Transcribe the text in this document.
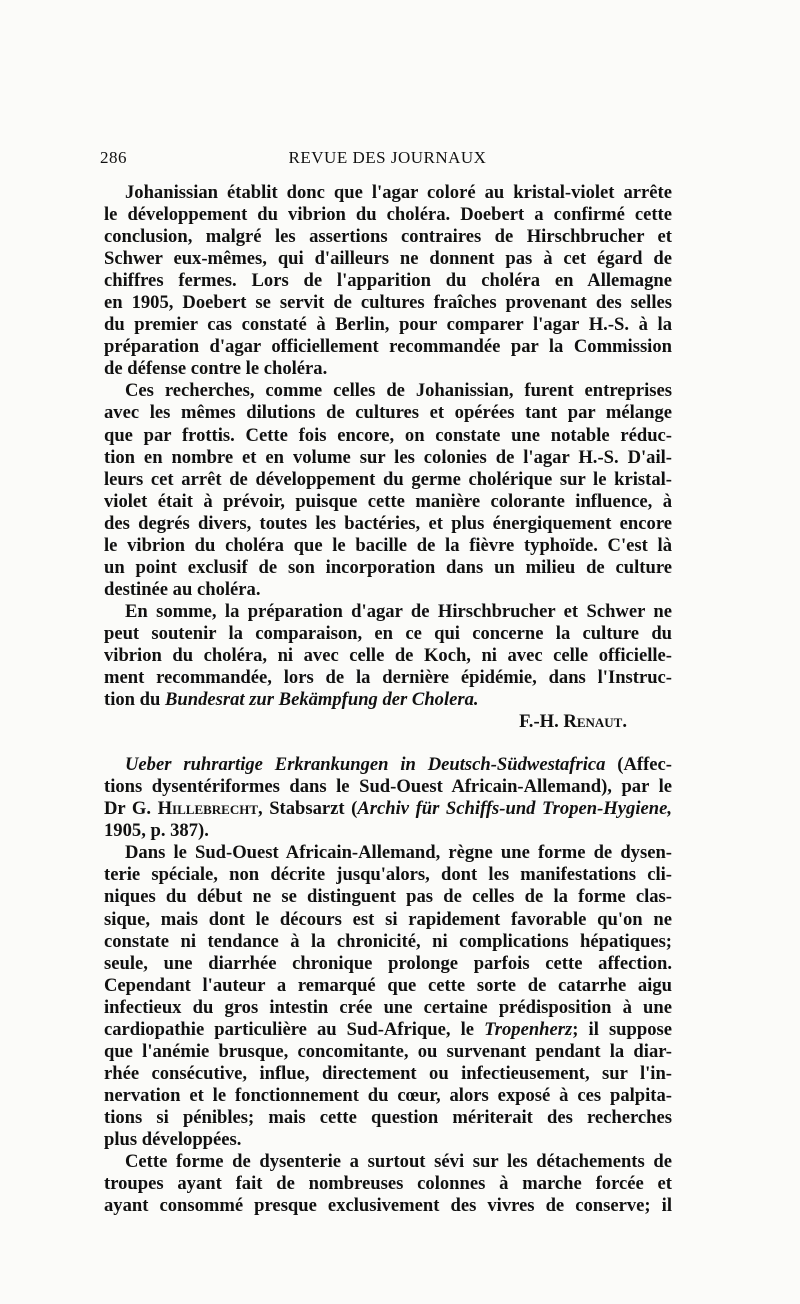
286	REVUE DES JOURNAUX
Johanissian établit donc que l'agar coloré au kristal-violet arrête
le développement du vibrion du choléra. Doebert a confirmé cette
conclusion, malgré les assertions contraires de Hirschbrucher et
Schwer eux-mêmes, qui d'ailleurs ne donnent pas à cet égard de
chiffres fermes. Lors de l'apparition du choléra en Allemagne
en 1905, Doebert se servit de cultures fraîches provenant des selles
du premier cas constaté à Berlin, pour comparer l'agar H.-S. à la
préparation d'agar officiellement recommandée par la Commission
de défense contre le choléra.
Ces recherches, comme celles de Johanissian, furent entreprises
avec les mêmes dilutions de cultures et opérées tant par mélange
que par frottis. Cette fois encore, on constate une notable réduc-
tion en nombre et en volume sur les colonies de l'agar H.-S. D'ail-
leurs cet arrêt de développement du germe cholérique sur le kristal-
violet était à prévoir, puisque cette manière colorante influence, à
des degrés divers, toutes les bactéries, et plus énergiquement encore
le vibrion du choléra que le bacille de la fièvre typhoïde. C'est là
un point exclusif de son incorporation dans un milieu de culture
destinée au choléra.
En somme, la préparation d'agar de Hirschbrucher et Schwer ne
peut soutenir la comparaison, en ce qui concerne la culture du
vibrion du choléra, ni avec celle de Koch, ni avec celle officielle-
ment recommandée, lors de la dernière épidémie, dans l'Instruc-
tion du Bundesrat zur Bekämpfung der Cholera.
F.-H. Renaut.
Ueber ruhrartige Erkrankungen in Deutsch-Südwestafrica (Affec-
tions dysentériformes dans le Sud-Ouest Africain-Allemand), par le
Dr G. Hillebrecht, Stabsarzt (Archiv für Schiffs-und Tropen-Hygiene,
1905, p. 387).
Dans le Sud-Ouest Africain-Allemand, règne une forme de dysen-
terie spéciale, non décrite jusqu'alors, dont les manifestations cli-
niques du début ne se distinguent pas de celles de la forme clas-
sique, mais dont le décours est si rapidement favorable qu'on ne
constate ni tendance à la chronicité, ni complications hépatiques;
seule, une diarrhée chronique prolonge parfois cette affection.
Cependant l'auteur a remarqué que cette sorte de catarrhe aigu
infectieux du gros intestin crée une certaine prédisposition à une
cardiopathie particulière au Sud-Afrique, le Tropenherz; il suppose
que l'anémie brusque, concomitante, ou survenant pendant la diar-
rhée consécutive, influe, directement ou infectieusement, sur l'in-
nervation et le fonctionnement du cœur, alors exposé à ces palpita-
tions si pénibles; mais cette question mériterait des recherches
plus développées.
Cette forme de dysenterie a surtout sévi sur les détachements de
troupes ayant fait de nombreuses colonnes à marche forcée et
ayant consommé presque exclusivement des vivres de conserve; il
